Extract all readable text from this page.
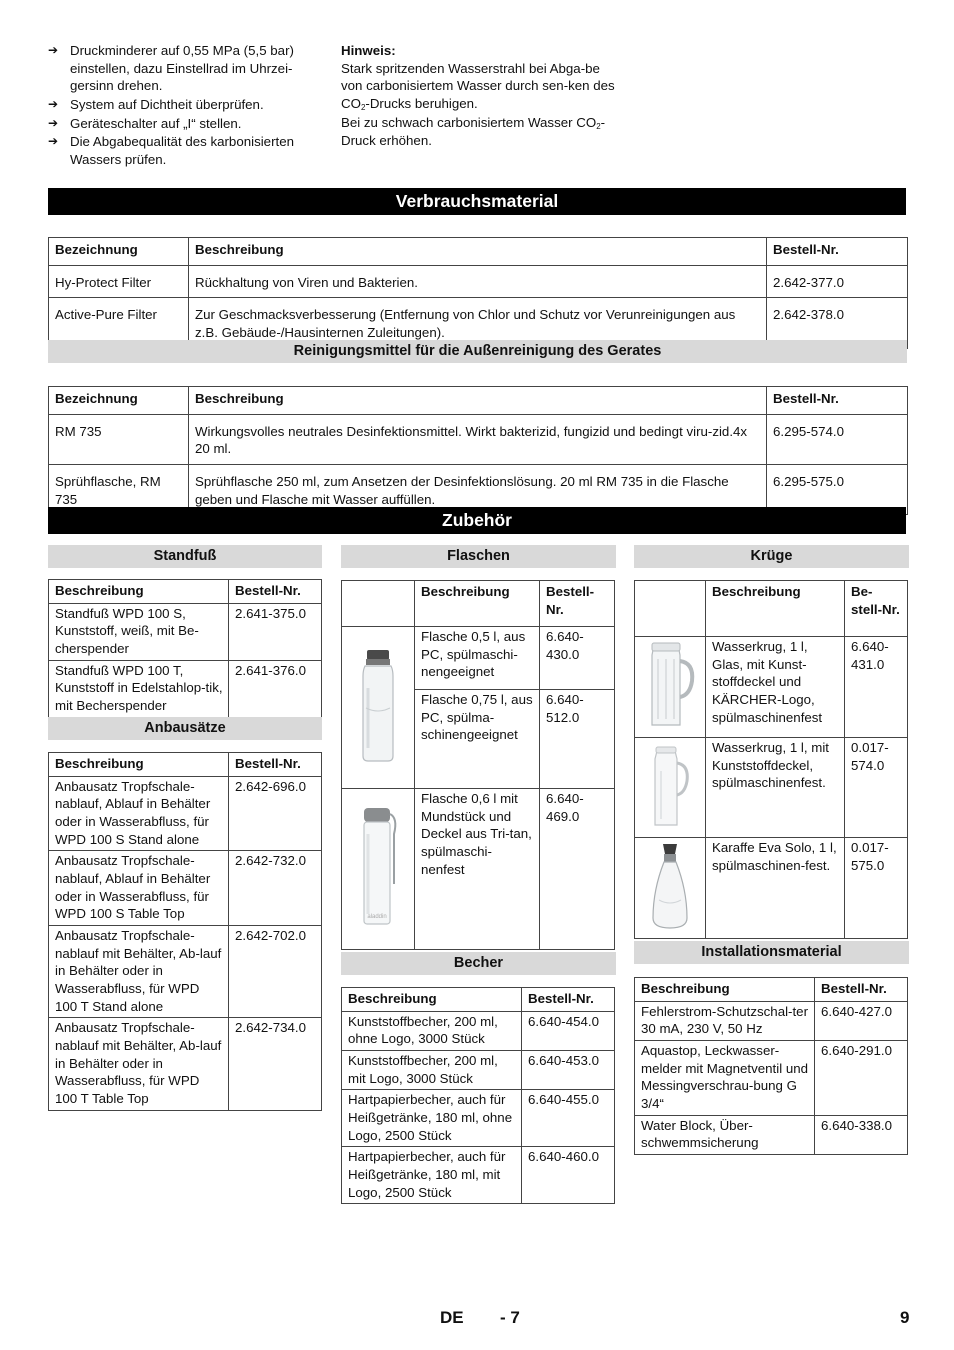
➔ Druckminderer auf 0,55 MPa (5,5 bar) einstellen, dazu Einstellrad im Uhrzei-gersinn drehen.
➔ System auf Dichtheit überprüfen.
➔ Geräteschalter auf „I“ stellen.
➔ Die Abgabequalität des karbonisierten Wassers prüfen.
Hinweis:
Stark spritzenden Wasserstrahl bei Abga-be von carbonisiertem Wasser durch sen-ken des $CO_2$-Drucks beruhigen.
Bei zu schwach carbonisiertem Wasser $CO_2$-Druck erhöhen.
Verbrauchsmaterial
Bezeichnung	Beschreibung	Bestell-Nr.
Hy-Protect Filter	Rückhaltung von Viren und Bakterien.	2.642-377.0
Active-Pure Filter	Zur Geschmacksverbesserung (Entfernung von Chlor und Schutz vor Verunreinigungen aus z.B. Gebäude-/Hausinternen Zuleitungen).	2.642-378.0
Reinigungsmittel für die Außenreinigung des Gerates
Bezeichnung	Beschreibung	Bestell-Nr.
RM 735	Wirkungsvolles neutrales Desinfektionsmittel. Wirkt bakterizid, fungizid und bedingt viru-zid.4x 20 ml.	6.295-574.0
Sprühflasche, RM 735	Sprühflasche 250 ml, zum Ansetzen der Desinfektionslösung. 20 ml RM 735 in die Flasche geben und Flasche mit Wasser auffüllen.	6.295-575.0
Zubehör
Standfuß
Beschreibung	Bestell-Nr.
Standfuß WPD 100 S, Kunststoff, weiß, mit Be-cherspender	2.641-375.0
Standfuß WPD 100 T, Kunststoff in Edelstahlop-tik, mit Becherspender	2.641-376.0
Anbausätze
Beschreibung	Bestell-Nr.
Anbausatz Tropfschale-nablauf, Ablauf in Behälter oder in Wasserabfluss, für WPD 100 S Stand alone	2.642-696.0
Anbausatz Tropfschale-nablauf, Ablauf in Behälter oder in Wasserabfluss, für WPD 100 S Table Top	2.642-732.0
Anbausatz Tropfschale-nablauf mit Behälter, Ab-lauf in Behälter oder in Wasserabfluss, für WPD 100 T Stand alone	2.642-702.0
Anbausatz Tropfschale-nablauf mit Behälter, Ab-lauf in Behälter oder in Wasserabfluss, für WPD 100 T Table Top	2.642-734.0
Flaschen
	Beschreibung	Bestell-Nr.
	Flasche 0,5 l, aus PC, spülmaschi-nengeeignet	6.640-430.0
	Flasche 0,75 l, aus PC, spülma-schinengeeignet	6.640-512.0

aladdin	Flasche 0,6 l mit Mundstück und Deckel aus Tri-tan, spülmaschi-nenfest	6.640-469.0
Becher
Beschreibung	Bestell-Nr.
Kunststoffbecher, 200 ml, ohne Logo, 3000 Stück	6.640-454.0
Kunststoffbecher, 200 ml, mit Logo, 3000 Stück	6.640-453.0
Hartpapierbecher, auch für Heißgetränke, 180 ml, ohne Logo, 2500 Stück	6.640-455.0
Hartpapierbecher, auch für Heißgetränke, 180 ml, mit Logo, 2500 Stück	6.640-460.0
Krüge
	Beschreibung	Be-stell-Nr.
	Wasserkrug, 1 l, Glas, mit Kunst-stoffdeckel und KÄRCHER-Logo, spülmaschinenfest	6.640-431.0
	Wasserkrug, 1 l, mit Kunststoffdeckel, spülmaschinenfest.	0.017-574.0
	Karaffe Eva Solo, 1 l, spülmaschinen-fest.	0.017-575.0
Installationsmaterial
Beschreibung	Bestell-Nr.
Fehlerstrom-Schutzschal-ter 30 mA, 230 V, 50 Hz	6.640-427.0
Aquastop, Leckwasser-melder mit Magnetventil und Messingverschrau-bung G 3/4“	6.640-291.0
Water Block, Über-schwemmsicherung	6.640-338.0
DE - 7	9
